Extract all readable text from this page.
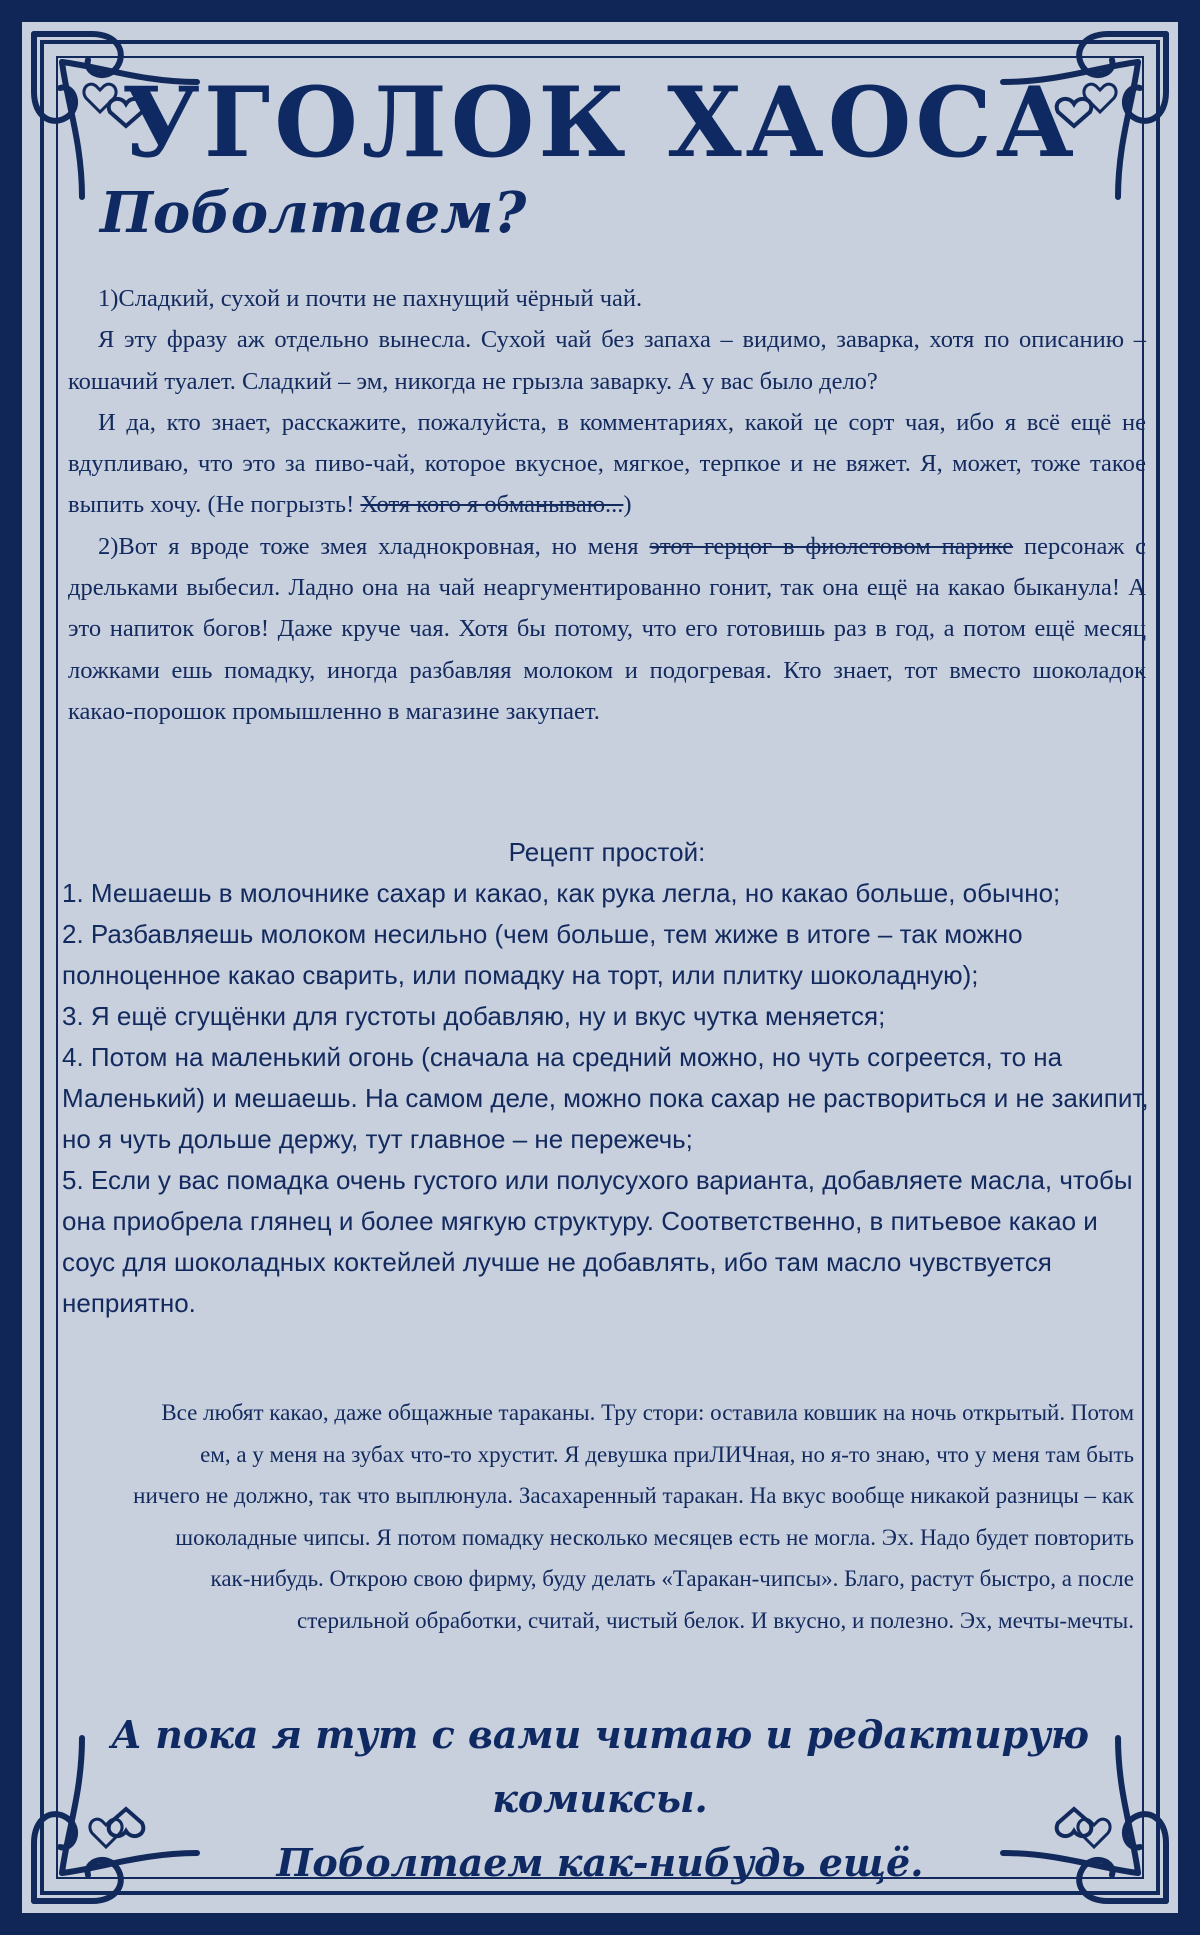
УГОЛОК ХАОСА
Поболтаем?

1)Сладкий, сухой и почти не пахнущий чёрный чай.

Я эту фразу аж отдельно вынесла. Сухой чай без запаха – видимо, заварка, хотя по описанию – кошачий туалет. Сладкий – эм, никогда не грызла заварку. А у вас было дело?

И да, кто знает, расскажите, пожалуйста, в комментариях, какой це сорт чая, ибо я всё ещё не вдупливаю, что это за пиво-чай, которое вкусное, мягкое, терпкое и не вяжет. Я, может, тоже такое выпить хочу. (Не погрызть! Хотя кого я обманываю...)

2)Вот я вроде тоже змея хладнокровная, но меня этот герцог в фиолетовом парике персонаж с дрельками выбесил. Ладно она на чай неаргументированно гонит, так она ещё на какао быканула! А это напиток богов! Даже круче чая. Хотя бы потому, что его готовишь раз в год, а потом ещё месяц ложками ешь помадку, иногда разбавляя молоком и подогревая. Кто знает, тот вместо шоколадок какао-порошок промышленно в магазине закупает.

Рецепт простой:

1. Мешаешь в молочнике сахар и какао, как рука легла, но какао больше, обычно;
2. Разбавляешь молоком несильно (чем больше, тем жиже в итоге – так можно полноценное какао сварить, или помадку на торт, или плитку шоколадную);
3. Я ещё сгущёнки для густоты добавляю, ну и вкус чутка меняется;
4. Потом на маленький огонь (сначала на средний можно, но чуть согреется, то на Маленький) и мешаешь. На самом деле, можно пока сахар не раствориться и не закипит, но я чуть дольше держу, тут главное – не пережечь;
5. Если у вас помадка очень густого или полусухого варианта, добавляете масла, чтобы она приобрела глянец и более мягкую структуру. Соответственно, в питьевое какао и соус для шоколадных коктейлей лучше не добавлять, ибо там масло чувствуется неприятно.

Все любят какао, даже общажные тараканы. Тру стори: оставила ковшик на ночь открытый. Потом ем, а у меня на зубах что-то хрустит. Я девушка приЛИЧная, но я-то знаю, что у меня там быть ничего не должно, так что выплюнула. Засахаренный таракан. На вкус вообще никакой разницы – как шоколадные чипсы. Я потом помадку несколько месяцев есть не могла. Эх. Надо будет повторить как-нибудь. Открою свою фирму, буду делать «Таракан-чипсы». Благо, растут быстро, а после стерильной обработки, считай, чистый белок. И вкусно, и полезно. Эх, мечты-мечты.

А пока я тут с вами читаю и редактирую комиксы.
Поболтаем как-нибудь ещё.
